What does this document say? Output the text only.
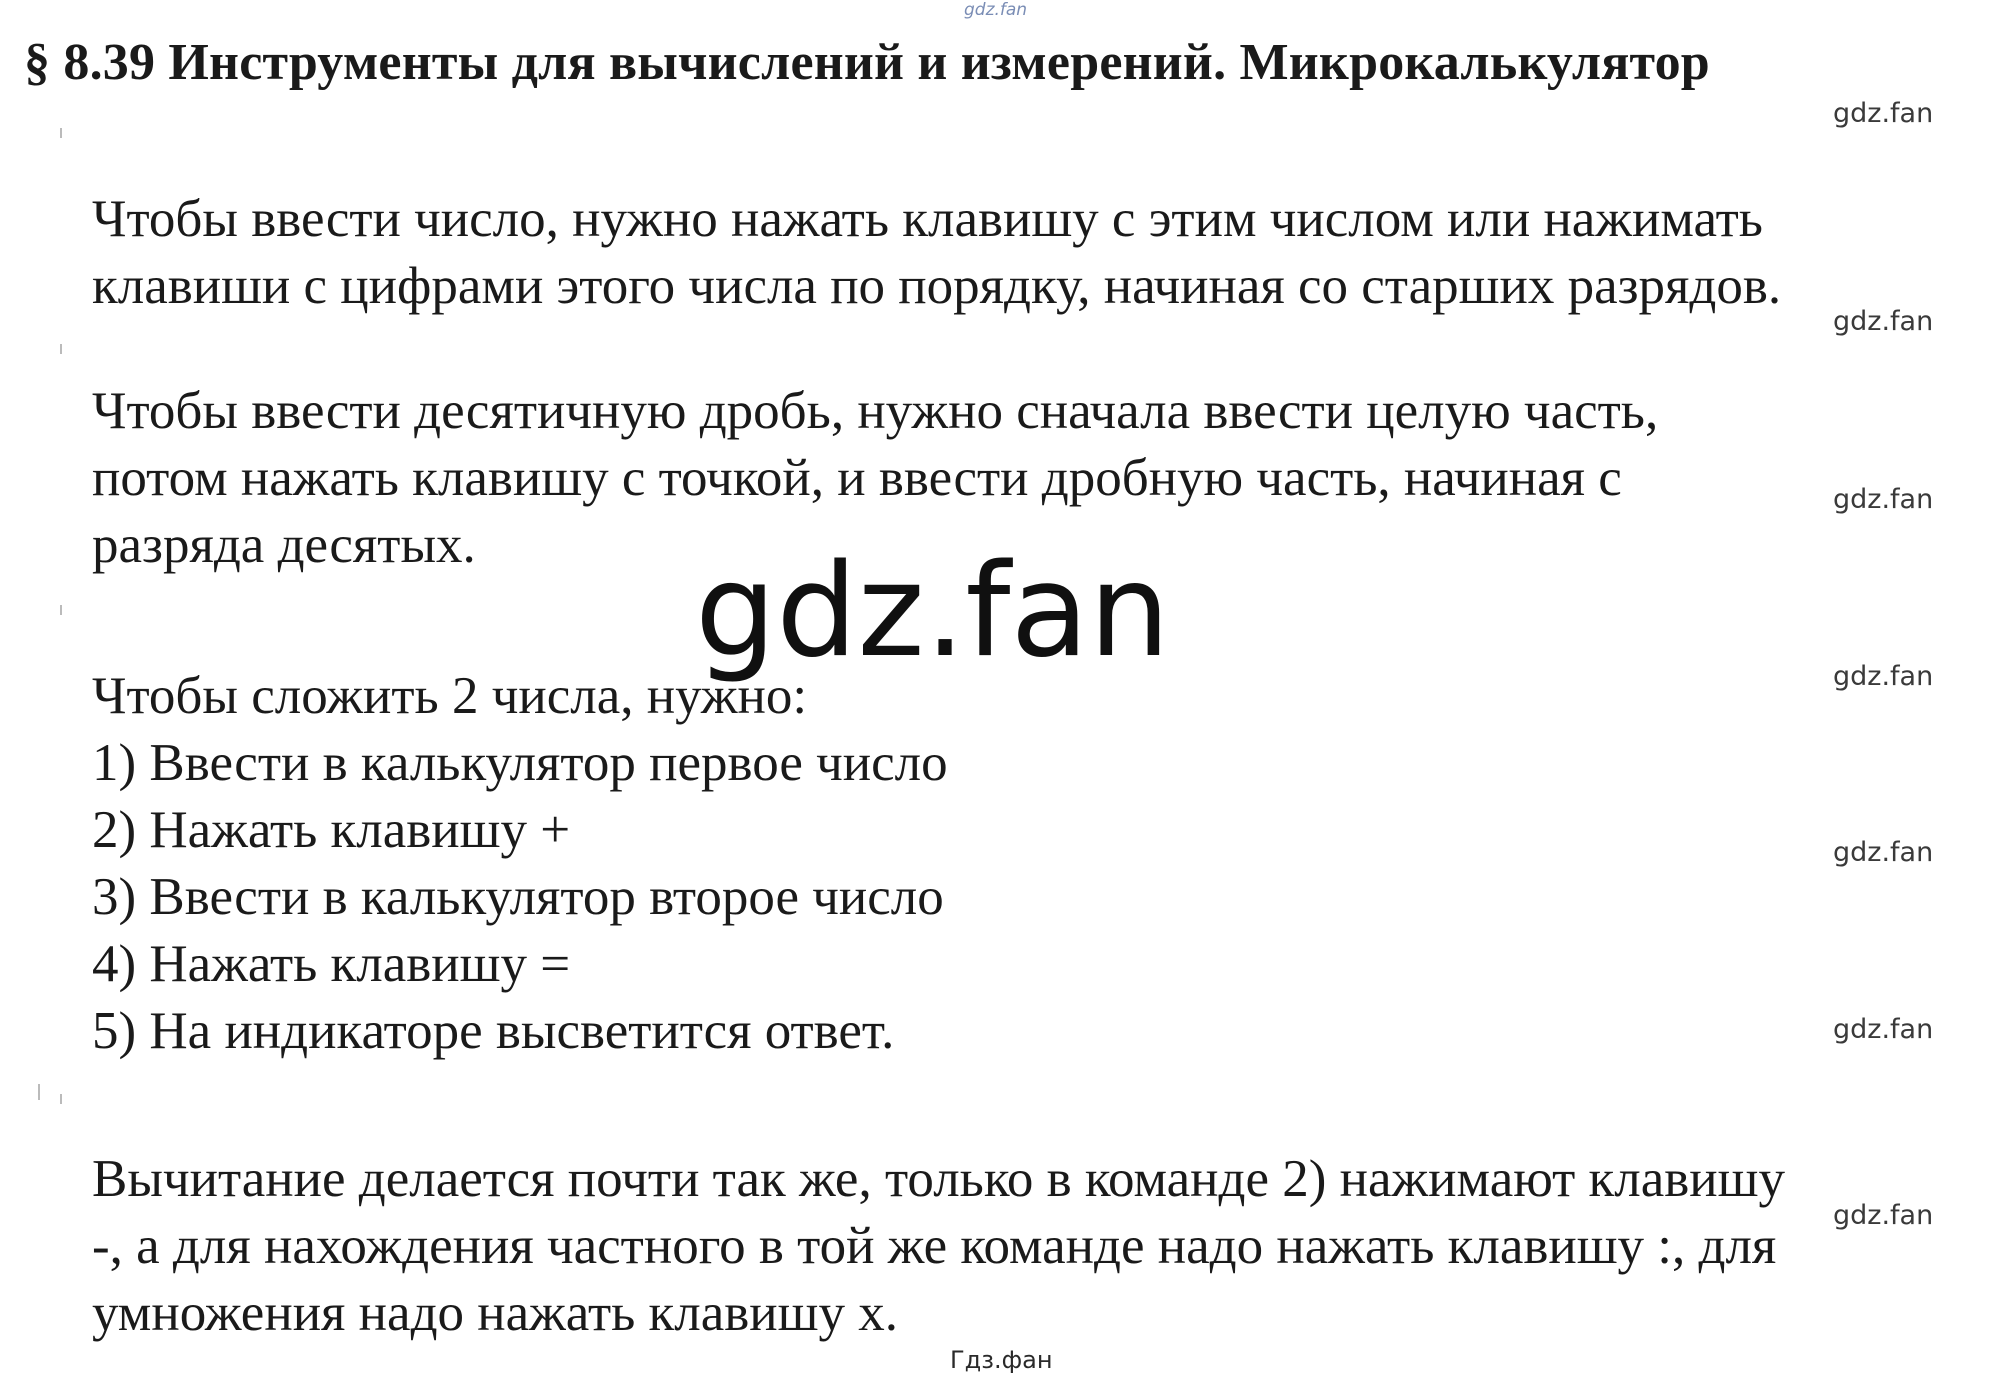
gdz.fan
§ 8.39 Инструменты для вычислений и измерений. Микрокалькулятор
gdz.fan
gdz.fan
gdz.fan
gdz.fan
gdz.fan
gdz.fan
gdz.fan
Чтобы ввести число, нужно нажать клавишу с этим числом или нажимать
клавиши с цифрами этого числа по порядку, начиная со старших разрядов.
Чтобы ввести десятичную дробь, нужно сначала ввести целую часть,
потом нажать клавишу с точкой, и ввести дробную часть, начиная с
разряда десятых.
Чтобы сложить 2 числа, нужно:
1) Ввести в калькулятор первое число
2) Нажать клавишу +
3) Ввести в калькулятор второе число
4) Нажать клавишу =
5) На индикаторе высветится ответ.
Вычитание делается почти так же, только в команде 2) нажимают клавишу
-, а для нахождения частного в той же команде надо нажать клавишу :, для
умножения надо нажать клавишу х.
gdz.fan
Гдз.фан
